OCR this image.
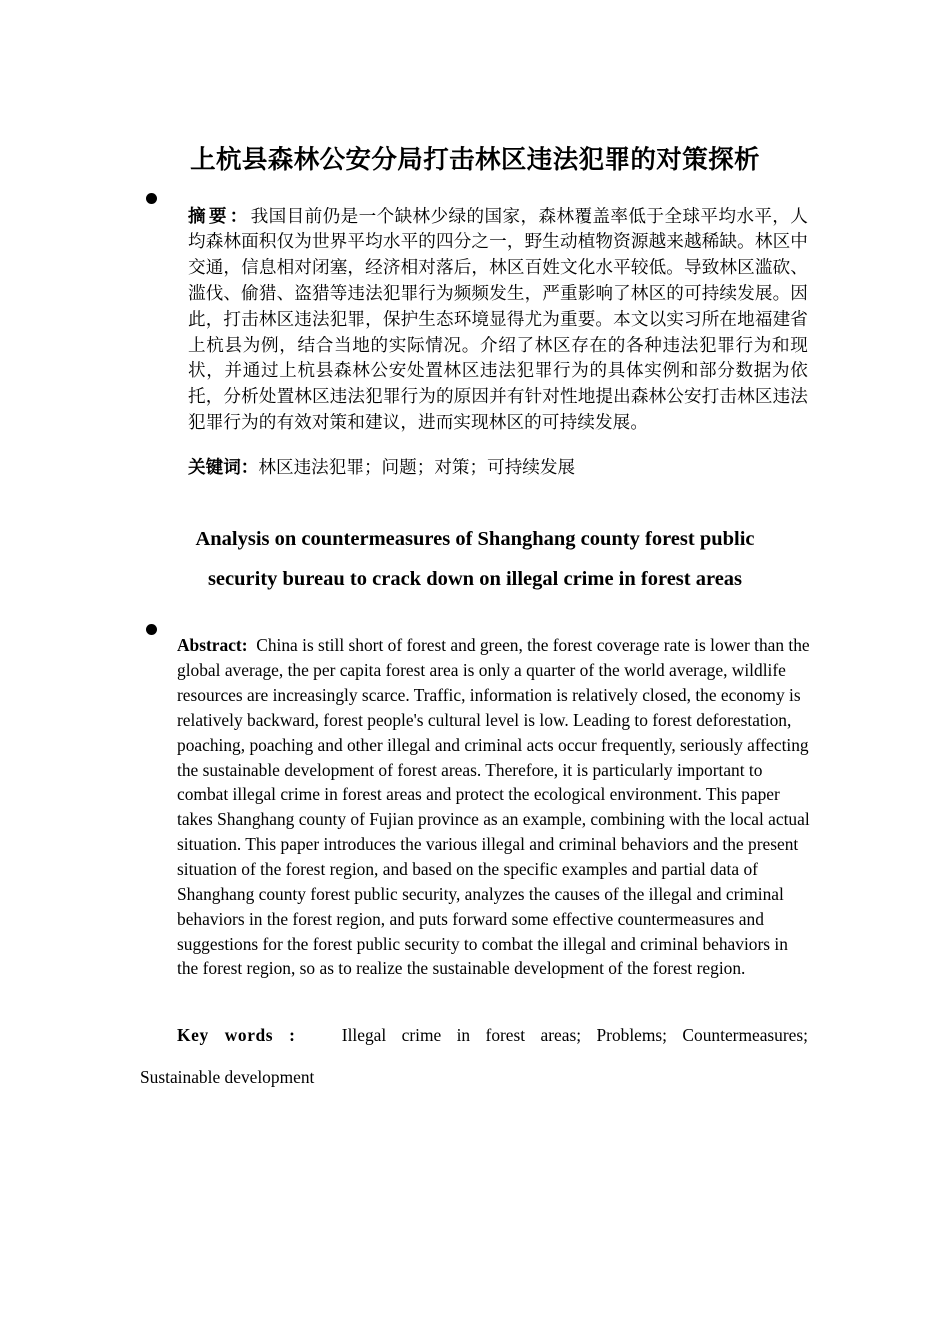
上杭县森林公安分局打击林区违法犯罪的对策探析

摘要：我国目前仍是一个缺林少绿的国家，森林覆盖率低于全球平均水平，人均森林面积仅为世界平均水平的四分之一，野生动植物资源越来越稀缺。林区中交通，信息相对闭塞，经济相对落后，林区百姓文化水平较低。导致林区滥砍、滥伐、偷猎、盗猎等违法犯罪行为频频发生，严重影响了林区的可持续发展。因此，打击林区违法犯罪，保护生态环境显得尤为重要。本文以实习所在地福建省上杭县为例，结合当地的实际情况。介绍了林区存在的各种违法犯罪行为和现状，并通过上杭县森林公安处置林区违法犯罪行为的具体实例和部分数据为依托，分析处置林区违法犯罪行为的原因并有针对性地提出森林公安打击林区违法犯罪行为的有效对策和建议，进而实现林区的可持续发展。

关键词：林区违法犯罪；问题；对策；可持续发展

Analysis on countermeasures of Shanghang county forest public
security bureau to crack down on illegal crime in forest areas

Abstract: China is still short of forest and green, the forest coverage rate is lower than the global average, the per capita forest area is only a quarter of the world average, wildlife resources are increasingly scarce. Traffic, information is relatively closed, the economy is relatively backward, forest people's cultural level is low. Leading to forest deforestation, poaching, poaching and other illegal and criminal acts occur frequently, seriously affecting the sustainable development of forest areas. Therefore, it is particularly important to combat illegal crime in forest areas and protect the ecological environment. This paper takes Shanghang county of Fujian province as an example, combining with the local actual situation. This paper introduces the various illegal and criminal behaviors and the present situation of the forest region, and based on the specific examples and partial data of Shanghang county forest public security, analyzes the causes of the illegal and criminal behaviors in the forest region, and puts forward some effective countermeasures and suggestions for the forest public security to combat the illegal and criminal behaviors in the forest region, so as to realize the sustainable development of the forest region.

Key words :	Illegal crime in forest areas; Problems; Countermeasures;

Sustainable development
